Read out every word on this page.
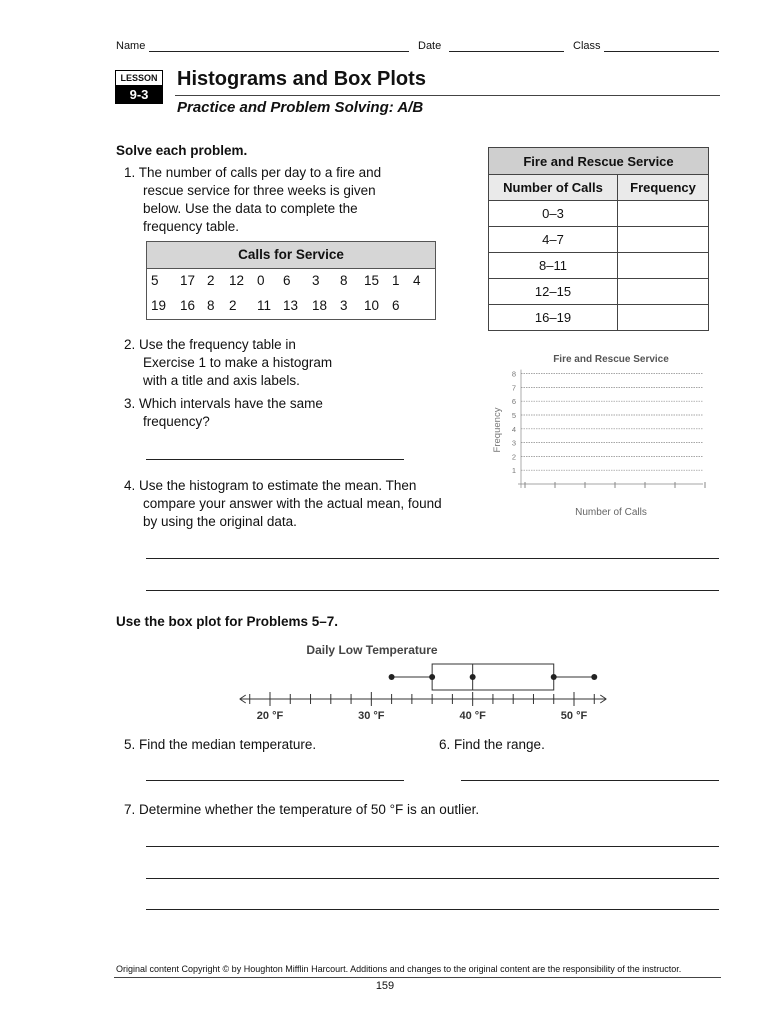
Name	Date	Class
LESSON
9-3
Histograms and Box Plots
Practice and Problem Solving: A/B
Solve each problem.
1. The number of calls per day to a fire and
rescue service for three weeks is given
below. Use the data to complete the
frequency table.
Calls for Service
5 17 2 12 0 6 3 8 15 1 4
19 16 8 2 11 13 18 3 10 6
Fire and Rescue Service	
Number of Calls	Frequency
0–3	
4–7	
8–11	
12–15	
16–19	
2. Use the frequency table in
Exercise 1 to make a histogram
with a title and axis labels.
3. Which intervals have the same
frequency?
4. Use the histogram to estimate the mean. Then
compare your answer with the actual mean, found
by using the original data.
Fire and Rescue Service
Frequency
1
2
3
4
5
6
7
8
Number of Calls
Use the box plot for Problems 5–7.
Daily Low Temperature
20 °F	30 °F	40 °F	50 °F
5. Find the median temperature.	6. Find the range.
7. Determine whether the temperature of 50 °F is an outlier.
Original content Copyright © by Houghton Mifflin Harcourt. Additions and changes to the original content are the responsibility of the instructor.
159
